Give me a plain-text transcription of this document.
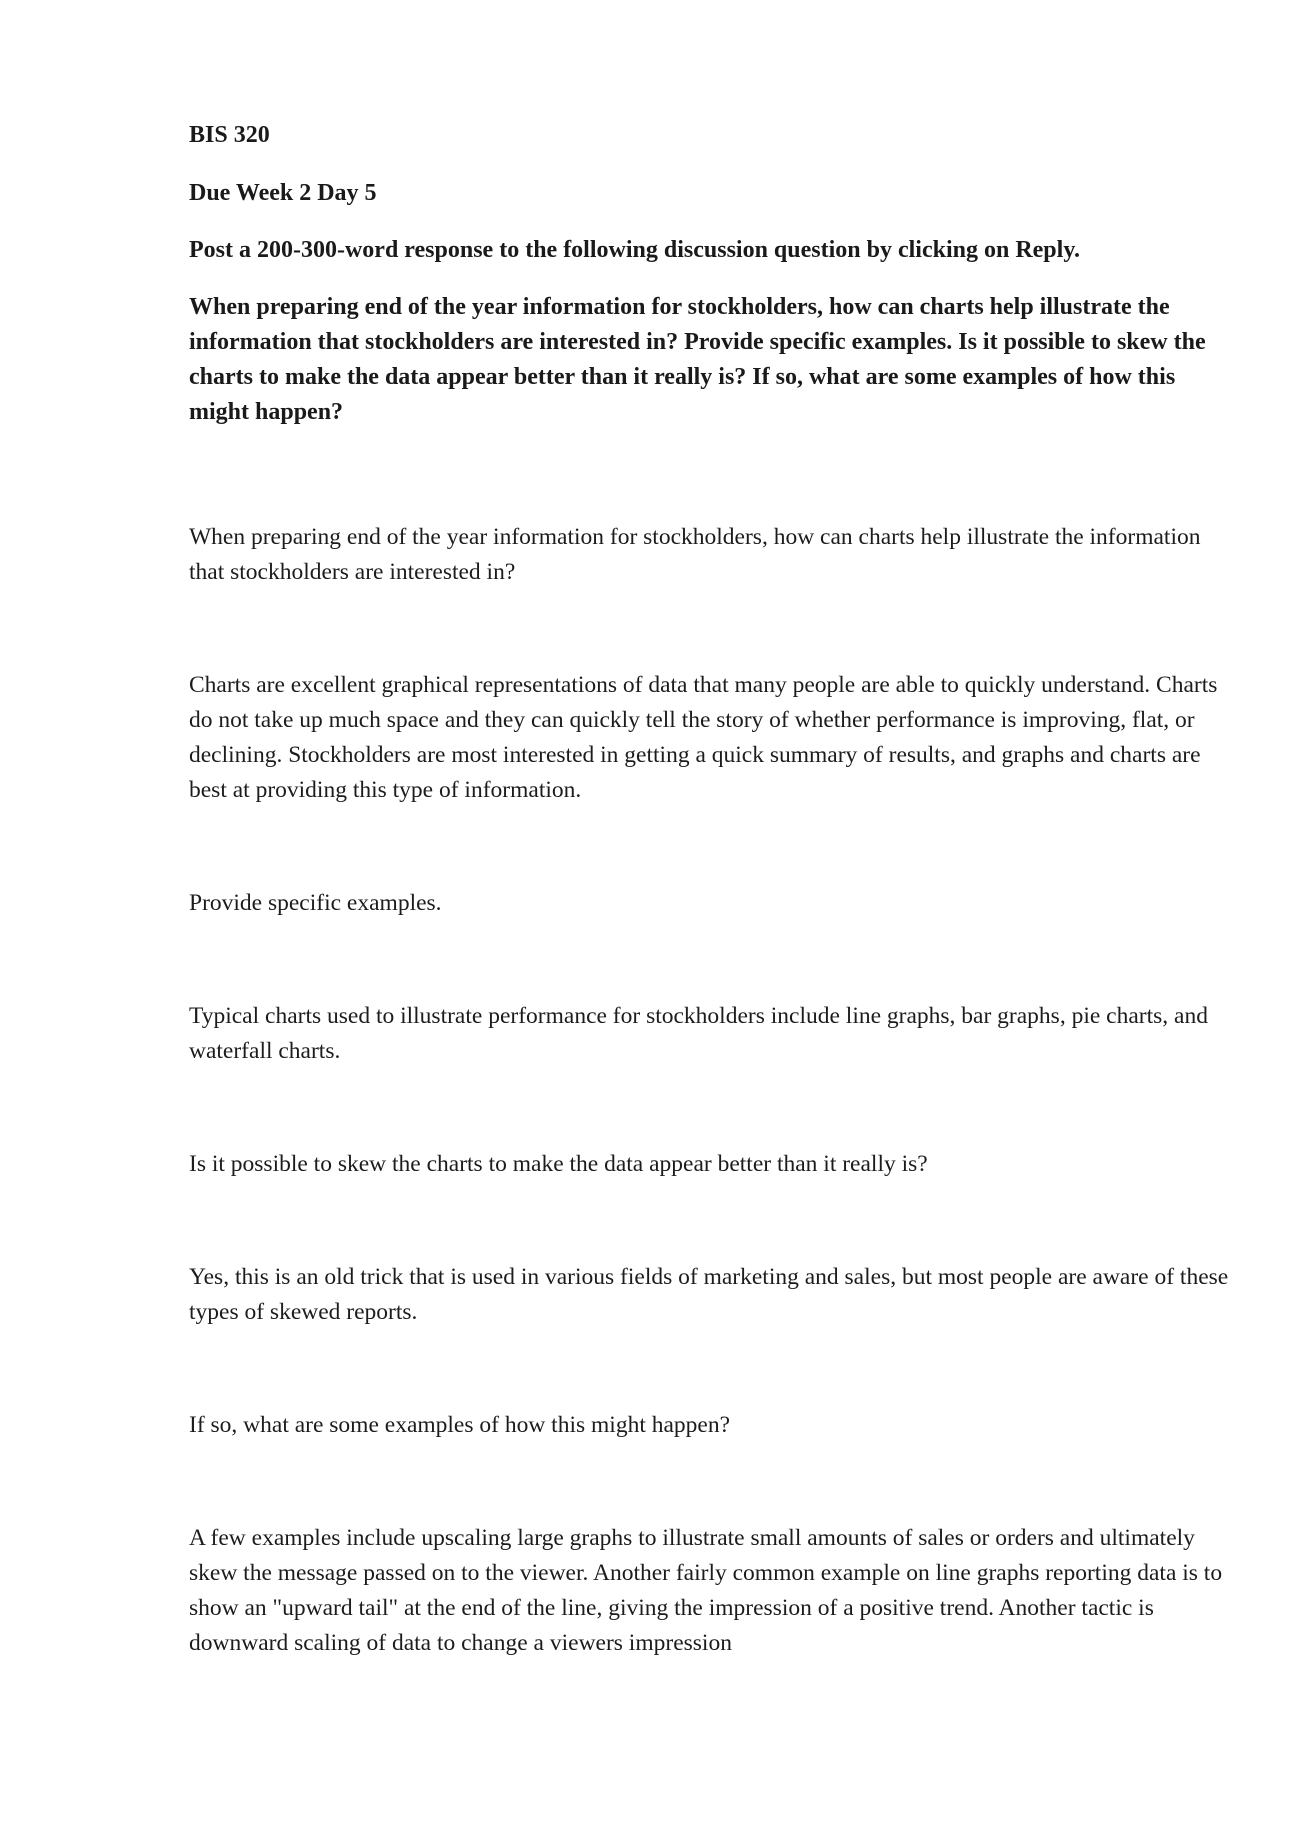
BIS 320

Due Week 2 Day 5

Post a 200-300-word response to the following discussion question by clicking on Reply.

When preparing end of the year information for stockholders, how can charts help illustrate the information that stockholders are interested in? Provide specific examples. Is it possible to skew the charts to make the data appear better than it really is? If so, what are some examples of how this might happen?

When preparing end of the year information for stockholders, how can charts help illustrate the information that stockholders are interested in?

Charts are excellent graphical representations of data that many people are able to quickly understand. Charts do not take up much space and they can quickly tell the story of whether performance is improving, flat, or declining. Stockholders are most interested in getting a quick summary of results, and graphs and charts are best at providing this type of information.

Provide specific examples.

Typical charts used to illustrate performance for stockholders include line graphs, bar graphs, pie charts, and waterfall charts.

Is it possible to skew the charts to make the data appear better than it really is?

Yes, this is an old trick that is used in various fields of marketing and sales, but most people are aware of these types of skewed reports.

If so, what are some examples of how this might happen?

A few examples include upscaling large graphs to illustrate small amounts of sales or orders and ultimately skew the message passed on to the viewer. Another fairly common example on line graphs reporting data is to show an "upward tail" at the end of the line, giving the impression of a positive trend. Another tactic is downward scaling of data to change a viewers impression
